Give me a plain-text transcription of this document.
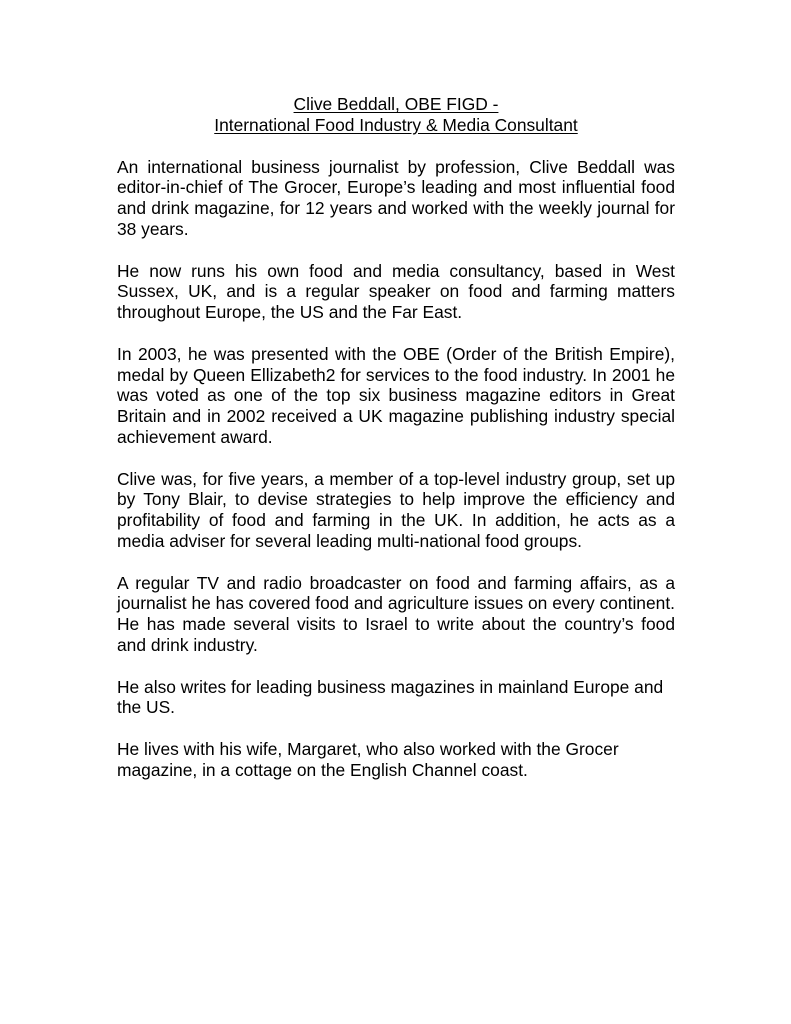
Clive Beddall, OBE FIGD -
International Food Industry & Media Consultant

An international business journalist by profession, Clive Beddall was editor-in-chief of The Grocer, Europe’s leading and most influential food and drink magazine, for 12 years and worked with the weekly journal for 38 years.

He now runs his own food and media consultancy, based in West Sussex, UK, and is a regular speaker on food and farming matters throughout Europe, the US and the Far East.

In 2003, he was presented with the OBE (Order of the British Empire), medal by Queen Ellizabeth2 for services to the food industry. In 2001 he was voted as one of the top six business magazine editors in Great Britain and in 2002 received a UK magazine publishing industry special achievement award.

Clive was, for five years, a member of a top-level industry group, set up by Tony Blair, to devise strategies to help improve the efficiency and profitability of food and farming in the UK. In addition, he acts as a media adviser for several leading multi-national food groups.

A regular TV and radio broadcaster on food and farming affairs, as a journalist he has covered food and agriculture issues on every continent. He has made several visits to Israel to write about the country’s food and drink industry.

He also writes for leading business magazines in mainland Europe and the US.

He lives with his wife, Margaret, who also worked with the Grocer magazine, in a cottage on the English Channel coast.
